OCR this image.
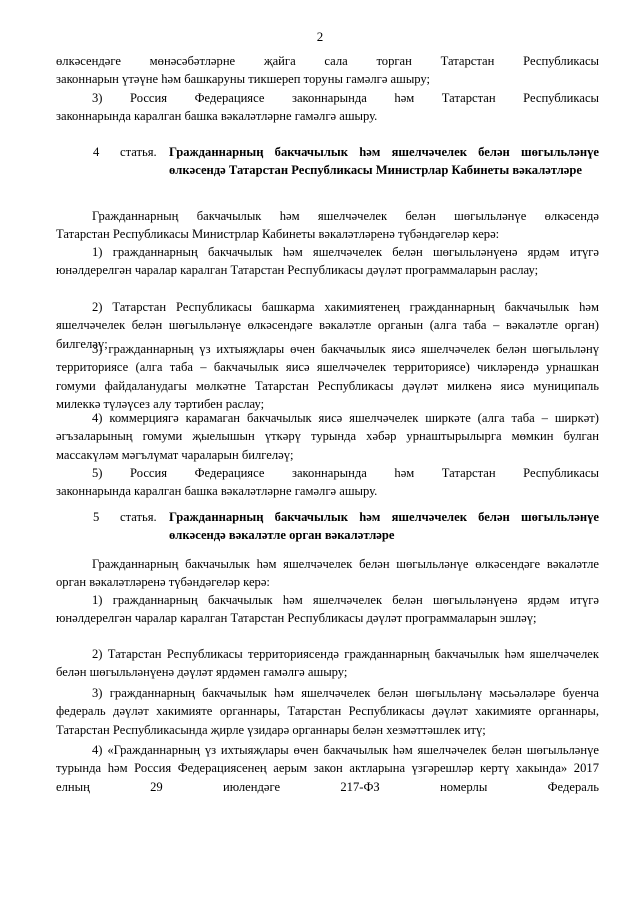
2

өлкәсендәге мөнәсәбәтләрне җайга сала торган Татарстан Республикасы

законнарын үтәүне һәм башкаруны тикшереп торуны гамәлгә ашыру;

3) Россия Федерациясе законнарында һәм Татарстан Республикасы

законнарында каралган башка вәкаләтләрне гамәлгә ашыру.

4 статья. Гражданнарның бакчачылык һәм яшелчәчелек белән шөгыльләнүе өлкәсендә Татарстан Республикасы Министрлар Кабинеты вәкаләтләре

Гражданнарның бакчачылык һәм яшелчәчелек белән шөгыльләнүе өлкәсендә

Татарстан Республикасы Министрлар Кабинеты вәкаләтләренә түбәндәгеләр керә:

1) гражданнарның бакчачылык һәм яшелчәчелек белән шөгыльләнүенә ярдәм итүгә юнәлдерелгән чаралар каралган Татарстан Республикасы дәүләт программаларын раслау;

2) Татарстан Республикасы башкарма хакимиятенең гражданнарның бакчачылык һәм яшелчәчелек белән шөгыльләнүе өлкәсендәге вәкаләтле органын (алга таба – вәкаләтле орган) билгеләү;

3) гражданнарның үз ихтыяҗлары өчен бакчачылык яисә яшелчәчелек белән шөгыльләнү территориясе (алга таба – бакчачылык яисә яшелчәчелек территориясе) чикләрендә урнашкан гомуми файдаланудагы мөлкәтне Татарстан Республикасы дәүләт милкенә яисә муниципаль милеккә түләүсез алу тәртибен раслау;

4) коммерциягә карамаган бакчачылык яисә яшелчәчелек ширкәте (алга таба – ширкәт) әгъзаларының гомуми җыелышын үткәрү турында хәбәр урнаштырылырга мөмкин булган массакүләм мәгълүмат чараларын билгеләү;

5) Россия Федерациясе законнарында һәм Татарстан Республикасы

законнарында каралган башка вәкаләтләрне гамәлгә ашыру.

5 статья. Гражданнарның бакчачылык һәм яшелчәчелек белән шөгыльләнүе өлкәсендә вәкаләтле орган вәкаләтләре

Гражданнарның бакчачылык һәм яшелчәчелек белән шөгыльләнүе өлкәсендәге вәкаләтле орган вәкаләтләренә түбәндәгеләр керә:

1) гражданнарның бакчачылык һәм яшелчәчелек белән шөгыльләнүенә ярдәм итүгә юнәлдерелгән чаралар каралган Татарстан Республикасы дәүләт программаларын эшләү;

2) Татарстан Республикасы территориясендә гражданнарның бакчачылык һәм яшелчәчелек белән шөгыльләнүенә дәүләт ярдәмен гамәлгә ашыру;

3) гражданнарның бакчачылык һәм яшелчәчелек белән шөгыльләнү мәсьәләләре буенча федераль дәүләт хакимияте органнары, Татарстан Республикасы дәүләт хакимияте органнары, Татарстан Республикасында җирле үзидарә органнары белән хезмәттәшлек итү;

4) «Гражданнарның үз ихтыяҗлары өчен бакчачылык һәм яшелчәчелек белән шөгыльләнүе турында һәм Россия Федерациясенең аерым закон актларына үзгәрешләр кертү хакында» 2017 елның 29 июлендәге 217-ФЗ номерлы Федераль
